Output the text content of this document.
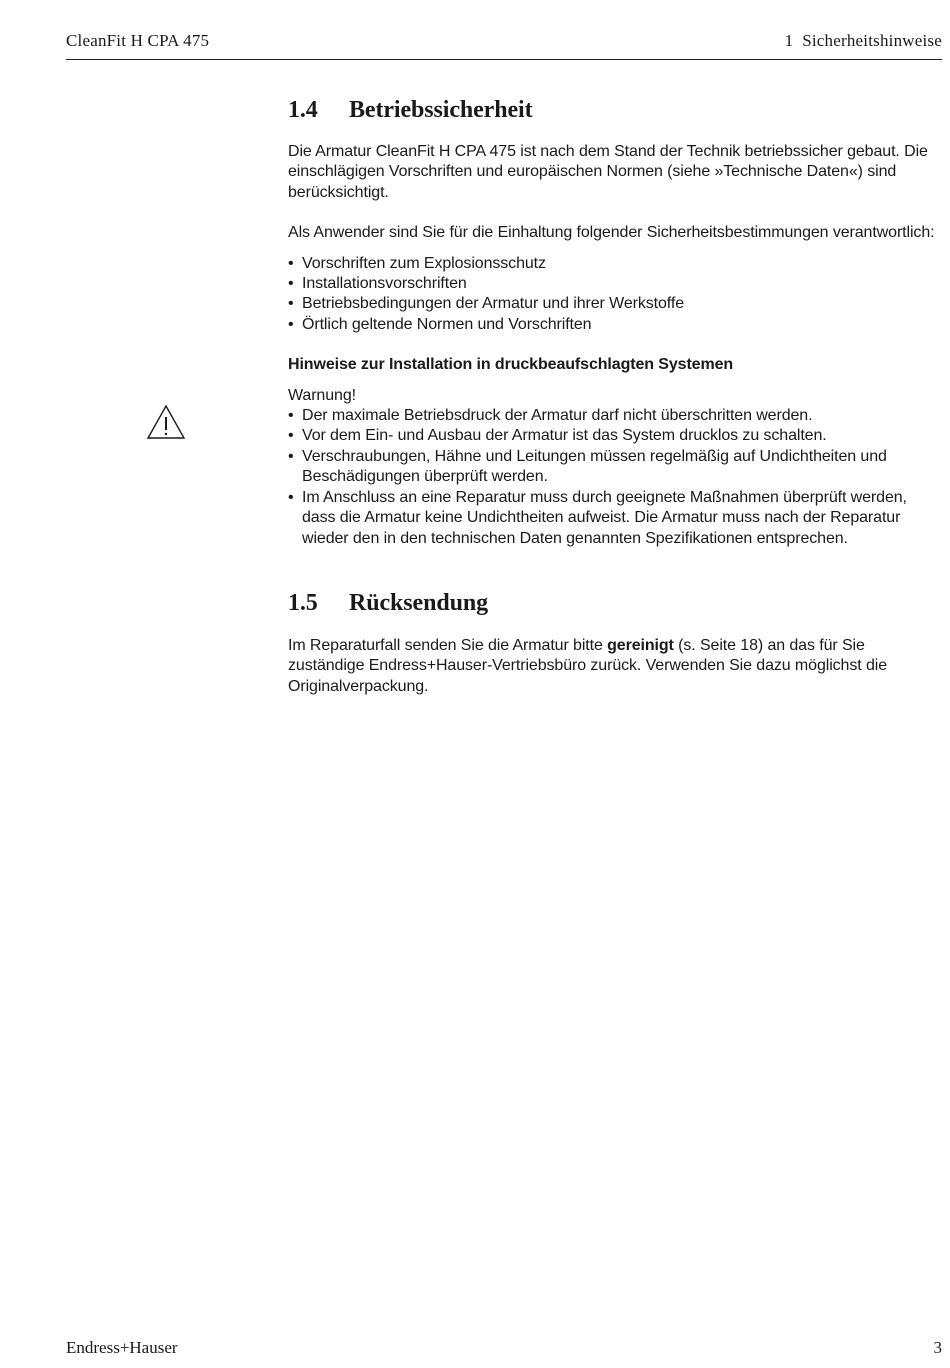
CleanFit H CPA 475	1  Sicherheitshinweise
1.4 Betriebssicherheit

Die Armatur CleanFit H CPA 475 ist nach dem Stand der Technik betriebssicher gebaut. Die einschlägigen Vorschriften und europäischen Normen (siehe »Technische Daten«) sind berücksichtigt.

Als Anwender sind Sie für die Einhaltung folgender Sicherheitsbestimmungen verantwortlich:

• Vorschriften zum Explosionsschutz
• Installationsvorschriften
• Betriebsbedingungen der Armatur und ihrer Werkstoffe
• Örtlich geltende Normen und Vorschriften

Hinweise zur Installation in druckbeaufschlagten Systemen

Warnung!

• Der maximale Betriebsdruck der Armatur darf nicht überschritten werden.
• Vor dem Ein- und Ausbau der Armatur ist das System drucklos zu schalten.
• Verschraubungen, Hähne und Leitungen müssen regelmäßig auf Undichtheiten und Beschädigungen überprüft werden.
• Im Anschluss an eine Reparatur muss durch geeignete Maßnahmen überprüft werden, dass die Armatur keine Undichtheiten aufweist. Die Armatur muss nach der Reparatur wieder den in den technischen Daten genannten Spezifikationen entsprechen.
1.5 Rücksendung

Im Reparaturfall senden Sie die Armatur bitte gereinigt (s. Seite 18) an das für Sie zuständige Endress+Hauser-Vertriebsbüro zurück. Verwenden Sie dazu möglichst die Originalverpackung.

Endress+Hauser	3
